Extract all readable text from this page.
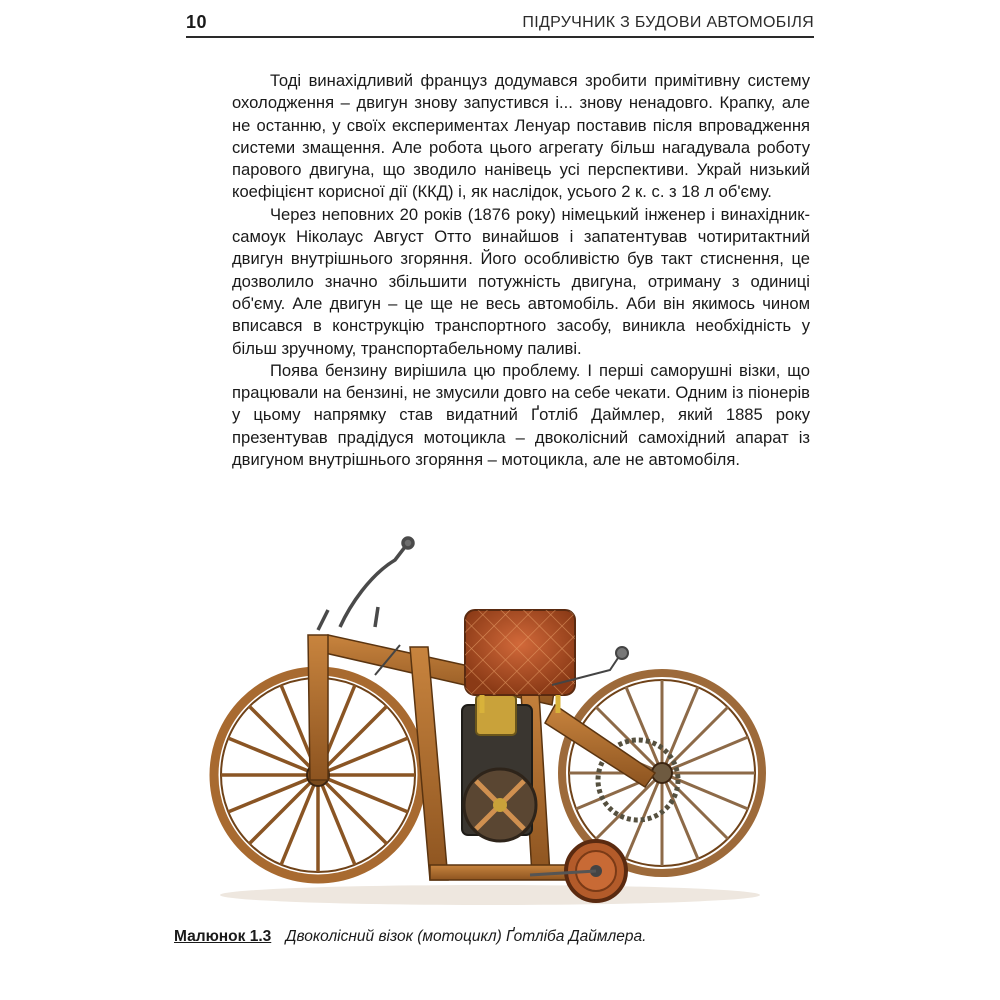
10	ПІДРУЧНИК З БУДОВИ АВТОМОБІЛЯ

Тоді винахідливий француз додумався зробити примітивну систему охолодження – двигун знову запустився і... знову ненадовго. Крапку, але не останню, у своїх експериментах Ленуар поставив після впровадження системи змащення. Але робота цього агрегату більш нагадувала роботу парового двигуна, що зводило нанівець усі перспективи. Украй низький коефіцієнт корисної дії (ККД) і, як наслідок, усього 2 к. с. з 18 л об'єму.

Через неповних 20 років (1876 року) німецький інженер і винахідник-самоук Ніколаус Август Отто винайшов і запатентував чотиритактний двигун внутрішнього згоряння. Його особливістю був такт стиснення, це дозволило значно збільшити потужність двигуна, отриману з одиниці об'єму. Але двигун – це ще не весь автомобіль. Аби він якимось чином вписався в конструкцію транспортного засобу, виникла необхідність у більш зручному, транспортабельному паливі.

Поява бензину вирішила цю проблему. І перші саморушні візки, що працювали на бензині, не змусили довго на себе чекати. Одним із піонерів у цьому напрямку став видатний Ґотліб Даймлер, який 1885 року презентував прадідуся мотоцикла – двоколісний самохідний апарат із двигуном внутрішнього згоряння – мотоцикла, але не автомобіля.

Малюнок 1.3 Двоколісний візок (мотоцикл) Ґотліба Даймлера.
